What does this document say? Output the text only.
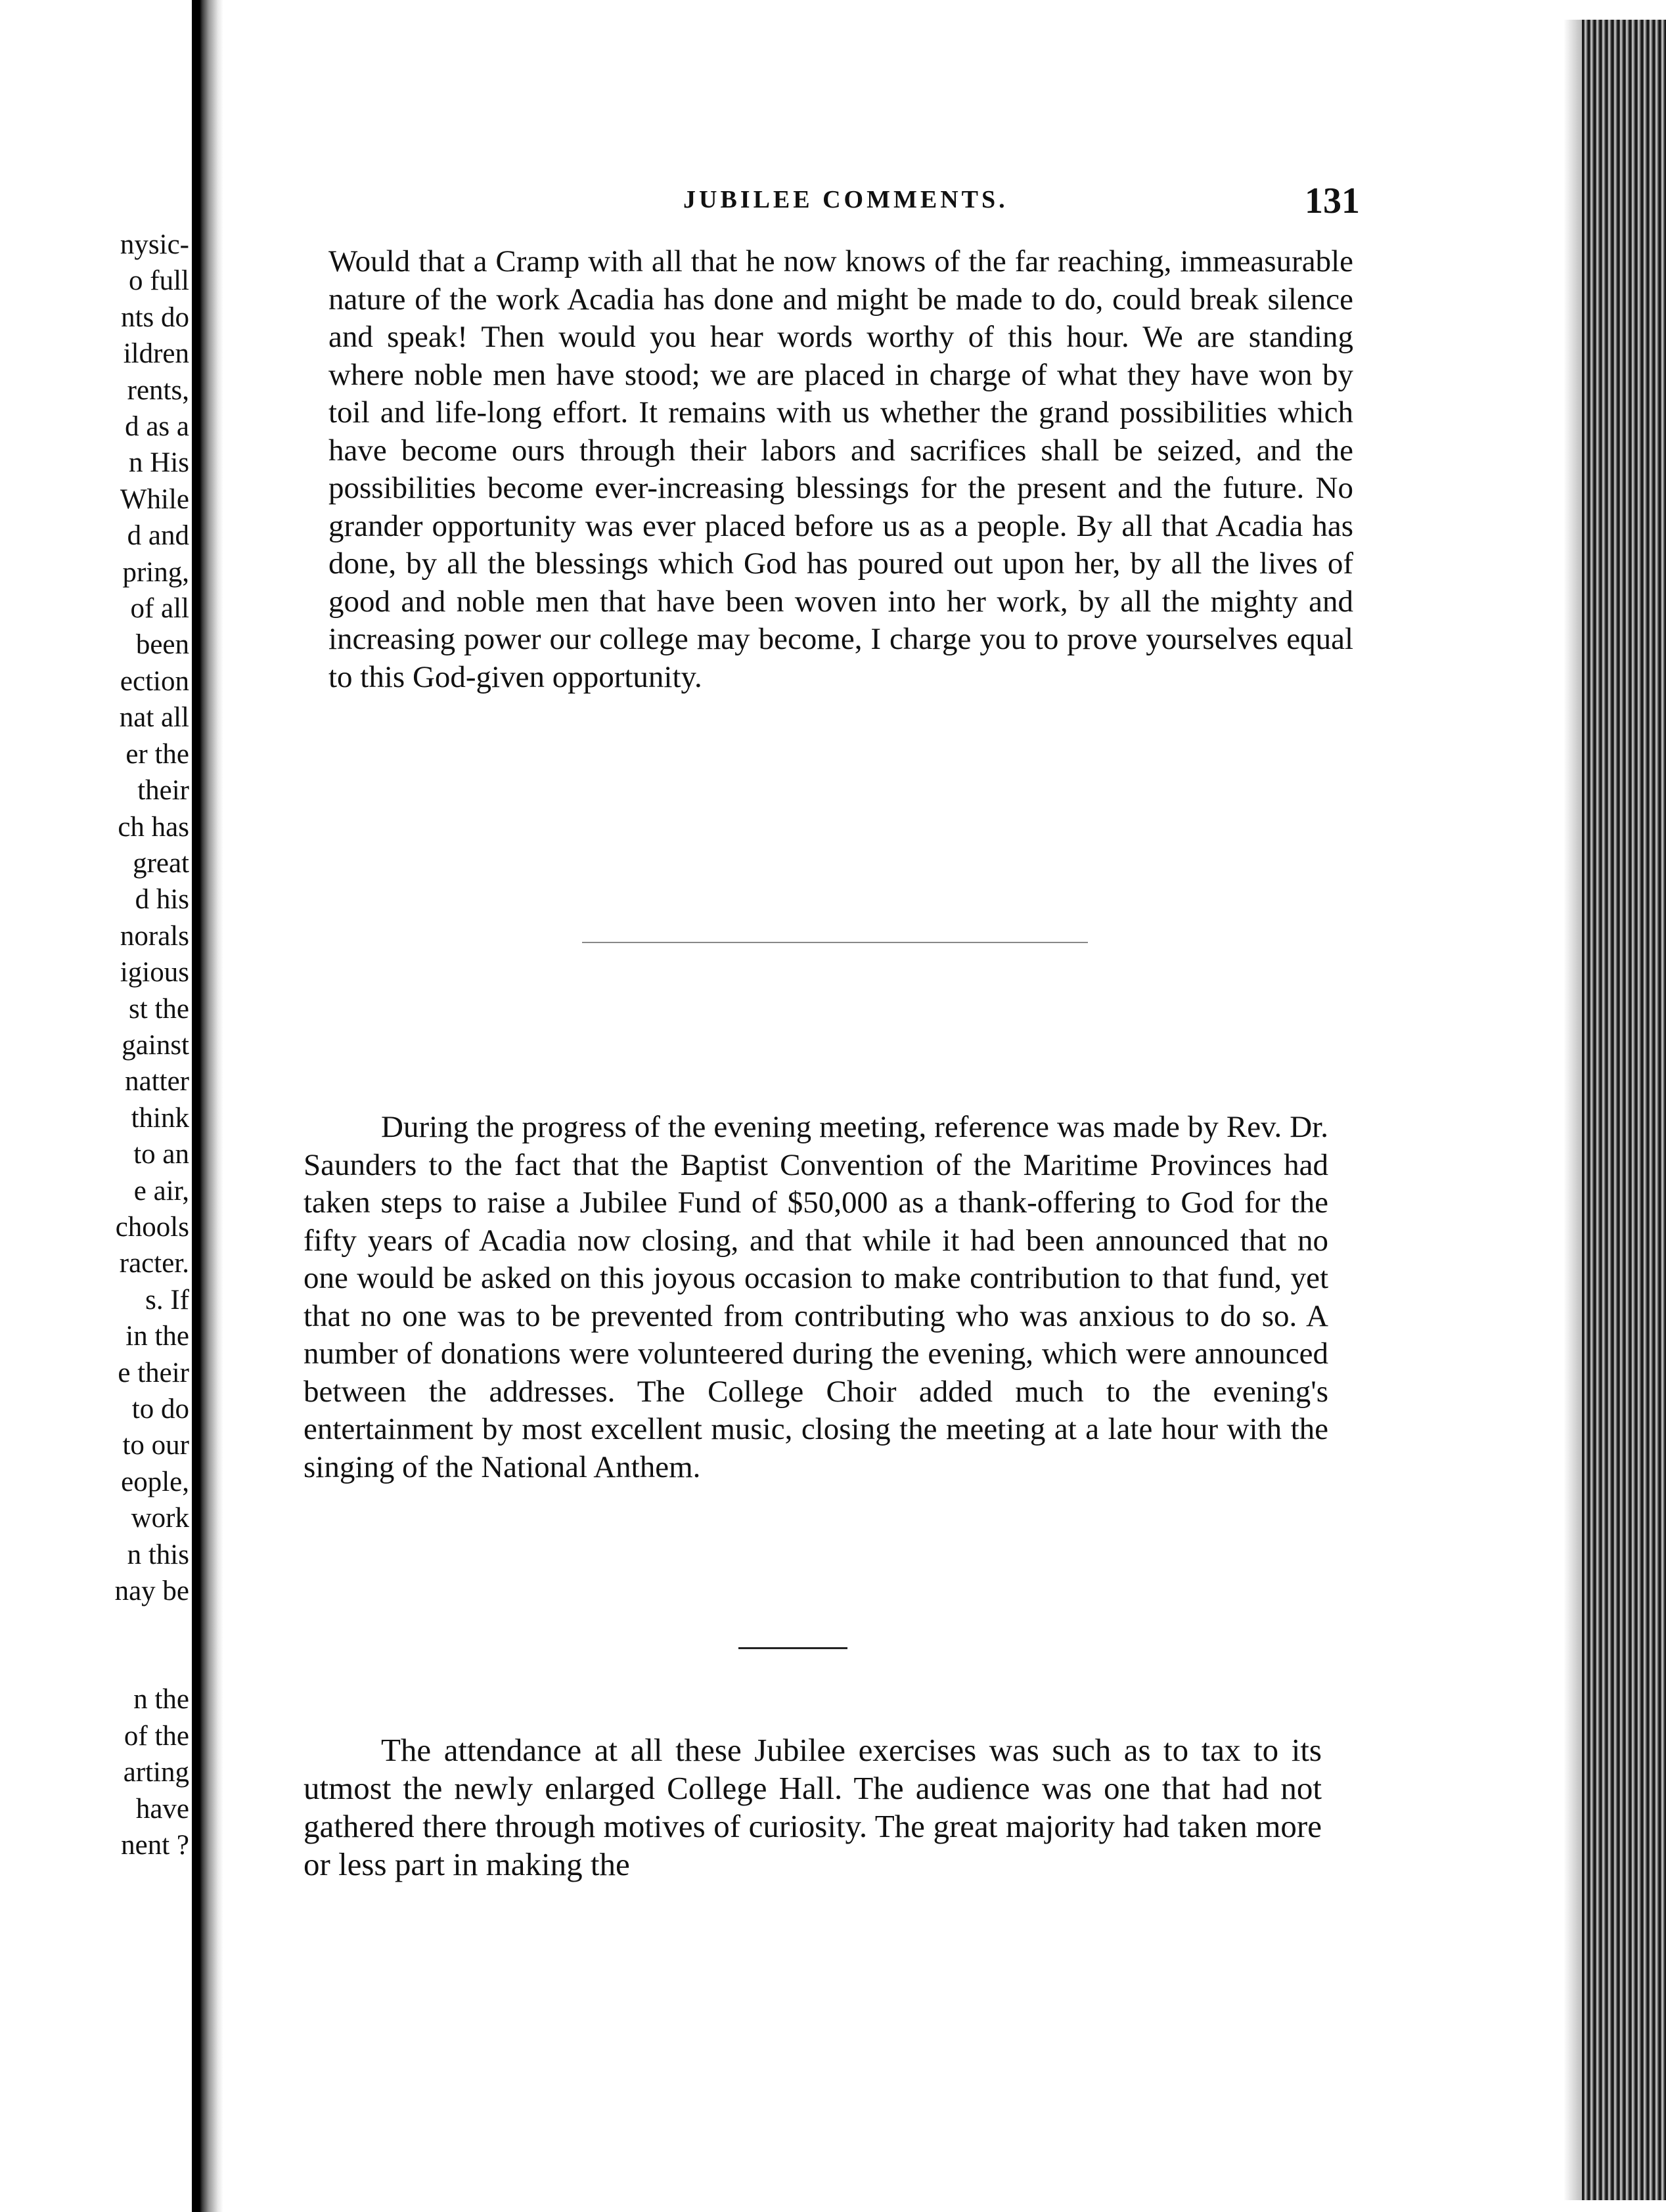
nysic-
o full
nts do
ildren
rents,
d as a
n His
While
d and
pring,
of all
been
ection
nat all
er the
their
ch has
great
d his
norals
igious
st the
gainst
natter
think
to an
e air,
chools
racter.
s. If
in the
e their
to do
to our
eople,
work
n this
nay be
n the
of the
arting
have
nent ?
JUBILEE COMMENTS.	131

Would that a Cramp with all that he now knows of the far reaching, immeasurable nature of the work Acadia has done and might be made to do, could break silence and speak! Then would you hear words worthy of this hour. We are standing where noble men have stood; we are placed in charge of what they have won by toil and life-long effort. It remains with us whether the grand possibilities which have become ours through their labors and sacrifices shall be seized, and the possibilities become ever-increasing blessings for the present and the future. No grander opportunity was ever placed before us as a people. By all that Acadia has done, by all the blessings which God has poured out upon her, by all the lives of good and noble men that have been woven into her work, by all the mighty and increasing power our college may become, I charge you to prove yourselves equal to this God-given opportunity.

During the progress of the evening meeting, reference was made by Rev. Dr. Saunders to the fact that the Baptist Convention of the Maritime Provinces had taken steps to raise a Jubilee Fund of $50,000 as a thank-offering to God for the fifty years of Acadia now closing, and that while it had been announced that no one would be asked on this joyous occasion to make contribution to that fund, yet that no one was to be prevented from contributing who was anxious to do so. A number of donations were volunteered during the evening, which were announced between the addresses. The College Choir added much to the evening's entertainment by most excellent music, closing the meeting at a late hour with the singing of the National Anthem.

The attendance at all these Jubilee exercises was such as to tax to its utmost the newly enlarged College Hall. The audience was one that had not gathered there through motives of curiosity. The great majority had taken more or less part in making the
